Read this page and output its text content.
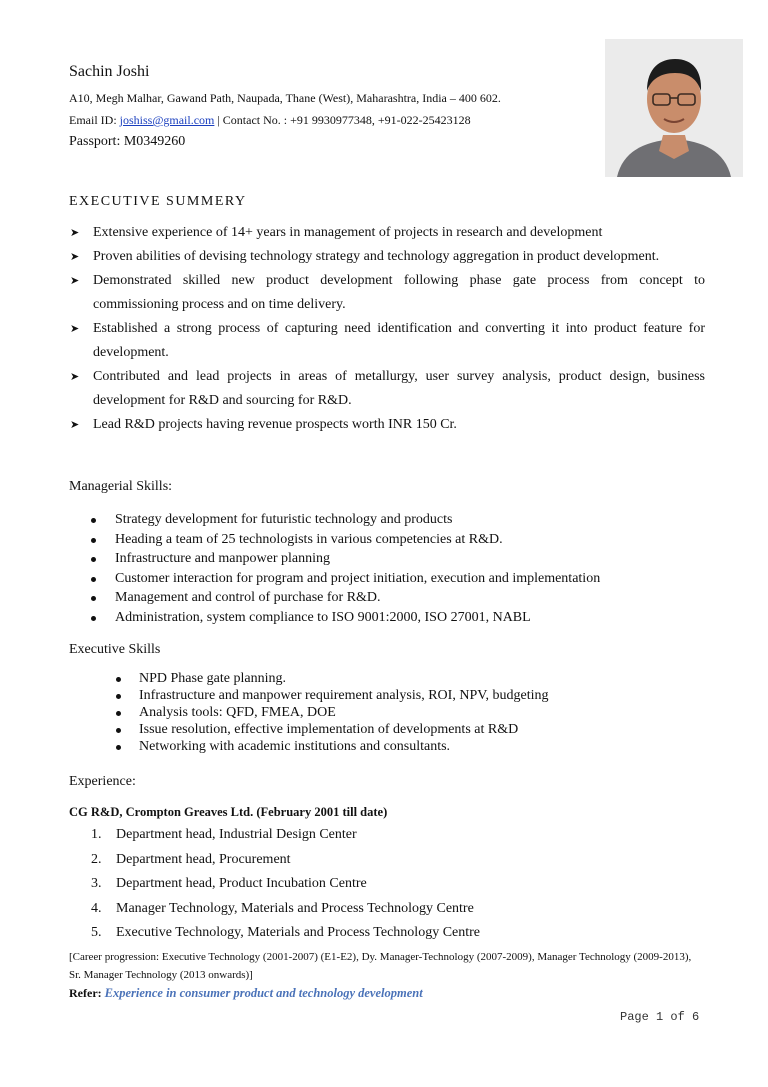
Sachin Joshi

A10, Megh Malhar, Gawand Path, Naupada, Thane (West), Maharashtra, India – 400 602.

Email ID: joshiss@gmail.com | Contact No. : +91 9930977348, +91-022-25423128

Passport: M0349260

EXECUTIVE SUMMERY

➤ Extensive experience of 14+ years in management of projects in research and development
➤ Proven abilities of devising technology strategy and technology aggregation in product development.
➤ Demonstrated skilled new product development following phase gate process from concept to commissioning process and on time delivery.
➤ Established a strong process of capturing need identification and converting it into product feature for development.
➤ Contributed and lead projects in areas of metallurgy, user survey analysis, product design, business development for R&D and sourcing for R&D.
➤ Lead R&D projects having revenue prospects worth INR 150 Cr.

Managerial Skills:

Strategy development for futuristic technology and products
Heading a team of 25 technologists in various competencies at R&D.
Infrastructure and manpower planning
Customer interaction for program and project initiation, execution and implementation
Management and control of purchase for R&D.
Administration, system compliance to ISO 9001:2000, ISO 27001, NABL

Executive Skills

NPD Phase gate planning.
Infrastructure and manpower requirement analysis, ROI, NPV, budgeting
Analysis tools: QFD, FMEA, DOE
Issue resolution, effective implementation of developments at R&D
Networking with academic institutions and consultants.

Experience:

CG R&D, Crompton Greaves Ltd. (February 2001 till date)

1. Department head, Industrial Design Center
2. Department head, Procurement
3. Department head, Product Incubation Centre
4. Manager Technology, Materials and Process Technology Centre
5. Executive Technology, Materials and Process Technology Centre

[Career progression: Executive Technology (2001-2007) (E1-E2), Dy. Manager-Technology (2007-2009), Manager Technology (2009-2013), Sr. Manager Technology (2013 onwards)]

Refer: Experience in consumer product and technology development

Page 1 of 6
